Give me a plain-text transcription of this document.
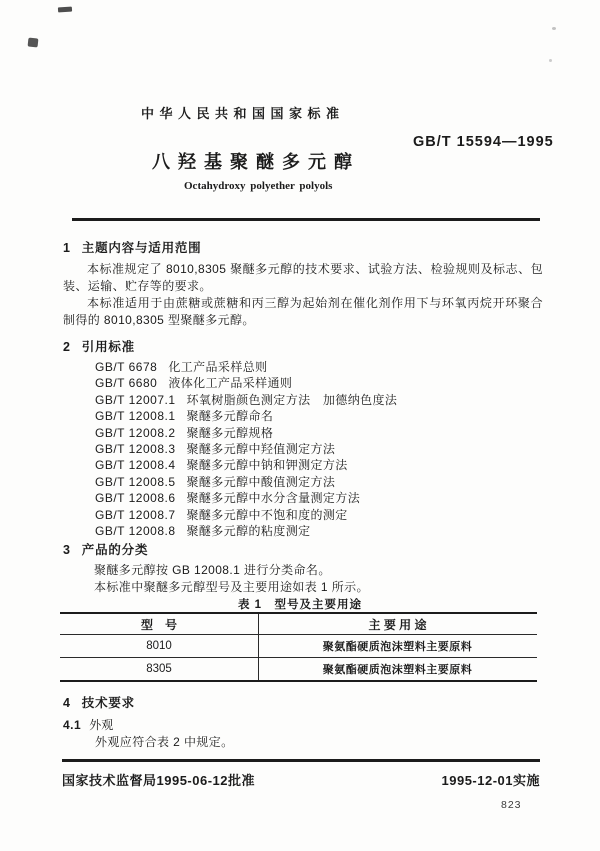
中华人民共和国国家标准
GB/T 15594—1995
八羟基聚醚多元醇
Octahydroxy polyether polyols
1 主题内容与适用范围
本标准规定了 8010,8305 聚醚多元醇的技术要求、试验方法、检验规则及标志、包装、运输、贮存等的要求。
本标准适用于由蔗糖或蔗糖和丙三醇为起始剂在催化剂作用下与环氧丙烷开环聚合制得的 8010,8305 型聚醚多元醇。
2 引用标准
GB/T 6678 化工产品采样总则
GB/T 6680 液体化工产品采样通则
GB/T 12007.1 环氧树脂颜色测定方法　加德纳色度法
GB/T 12008.1 聚醚多元醇命名
GB/T 12008.2 聚醚多元醇规格
GB/T 12008.3 聚醚多元醇中羟值测定方法
GB/T 12008.4 聚醚多元醇中钠和钾测定方法
GB/T 12008.5 聚醚多元醇中酸值测定方法
GB/T 12008.6 聚醚多元醇中水分含量测定方法
GB/T 12008.7 聚醚多元醇中不饱和度的测定
GB/T 12008.8 聚醚多元醇的粘度测定
3 产品的分类
聚醚多元醇按 GB 12008.1 进行分类命名。
本标准中聚醚多元醇型号及主要用途如表 1 所示。
表 1　型号及主要用途
型　号	主 要 用 途
8010	聚氨酯硬质泡沫塑料主要原料
8305	聚氨酯硬质泡沫塑料主要原料
4 技术要求
4.1 外观
外观应符合表 2 中规定。
国家技术监督局1995-06-12批准	1995-12-01实施
823
